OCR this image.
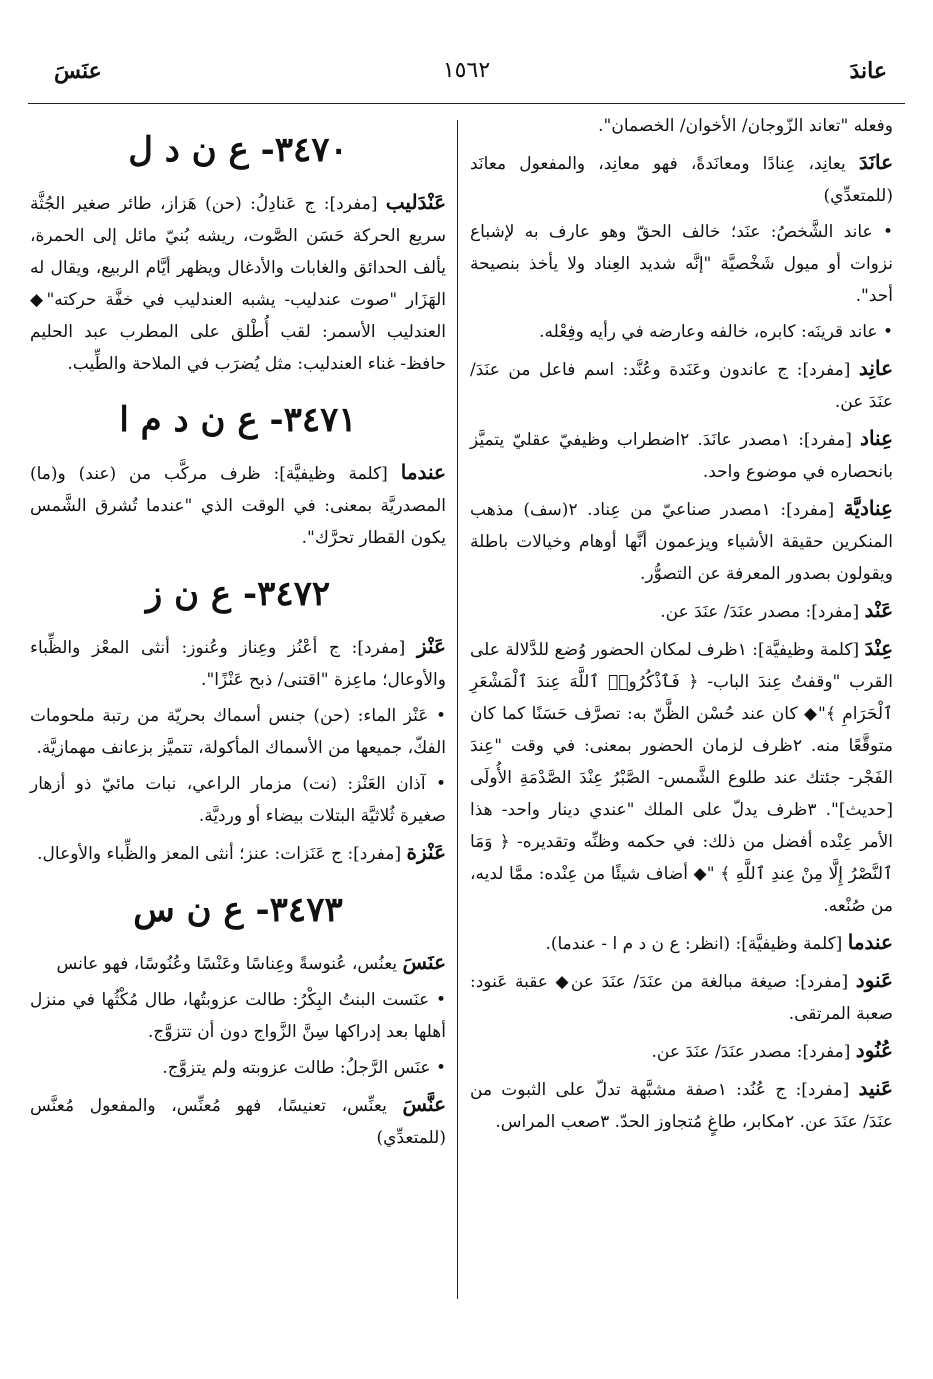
عاندَ
١٥٦٢
عنَسَ

وفعله "تعاند الزّوجان/ الأخوان/ الخصمان".

عانَدَ يعانِد، عِنادًا ومعانَدةً، فهو معانِد، والمفعول معانَد (للمتعدِّي)

• عاند الشَّخصُ: عنَد؛ خالف الحقّ وهو عارف به لإشباع نزوات أو ميول شَخْصيَّة "إنَّه شديد العِناد ولا يأخذ بنصيحة أحد".

• عاند قرينَه: كابره، خالفه وعارضه في رأيه وفِعْله.

عانِد [مفرد]: ج عاندون وعَنَدة وعُنَّد: اسم فاعل من عنَدَ/ عنَدَ عن.

عِناد [مفرد]: ١مصدر عانَدَ. ٢اضطراب وظيفيّ عقليّ يتميَّز بانحصاره في موضوع واحد.

عِناديَّة [مفرد]: ١مصدر صناعيّ من عِناد. ٢(سف) مذهب المنكرين حقيقة الأشياء ويزعمون أنَّها أوهام وخيالات باطلة ويقولون بصدور المعرفة عن التصوُّر.

عَنْد [مفرد]: مصدر عنَدَ/ عنَدَ عن.

عِنْدَ [كلمة وظيفيَّة]: ١ظرف لمكان الحضور وُضع للدَّلالة على القرب "وقفتُ عِندَ الباب- ﴿ فَٱذْكُرُوا۟ ٱللَّهَ عِندَ ٱلْمَشْعَرِ ٱلْحَرَامِ ﴾"◆ كان عند حُسْن الظَّنّ به: تصرَّف حَسَنًا كما كان متوقَّعًا منه. ٢ظرف لزمان الحضور بمعنى: في وقت "عِندَ الفَجْر- جئتك عند طلوع الشَّمس- الصَّبْرُ عِنْدَ الصَّدْمَةِ الأُولَى [حديث]". ٣ظرف يدلّ على الملك "عندي دينار واحد- هذا الأمر عِنْده أفضل من ذلك: في حكمه وظنِّه وتقديره- ﴿ وَمَا ٱلنَّصْرُ إِلَّا مِنْ عِندِ ٱللَّهِ ﴾ "◆ أضاف شيئًا من عِنْده: ممَّا لديه، من صُنْعه.

عندما [كلمة وظيفيَّة]: (انظر: ع ن د م ا - عندما).

عَنود [مفرد]: صيغة مبالغة من عنَدَ/ عنَدَ عن◆ عقبة عَنود: صعبة المرتقى.

عُنُود [مفرد]: مصدر عنَدَ/ عنَدَ عن.

عَنيد [مفرد]: ج عُنُد: ١صفة مشبَّهة تدلّ على الثبوت من عنَدَ/ عنَدَ عن. ٢مكابر، طاغٍ مُتجاوز الحدّ. ٣صعب المراس.

٣٤٧٠- ع ن د ل

عَنْدَليب [مفرد]: ج عَنادِلُ: (حن) هَزاز، طائر صغير الجُثَّة سريع الحركة حَسَن الصَّوت، ريشه بُنيّ مائل إلى الحمرة، يألف الحدائق والغابات والأدغال ويظهر أيَّام الربيع، ويقال له الهَزَار "صوت عندليب- يشبه العندليب في خفَّة حركته"◆ العندليب الأسمر: لقب أُطْلق على المطرب عبد الحليم حافظ- غناء العندليب: مثل يُضرَب في الملاحة والطِّيب.

٣٤٧١- ع ن د م ا

عندما [كلمة وظيفيَّة]: ظرف مركَّب من (عند) و(ما) المصدريَّة بمعنى: في الوقت الذي "عندما تُشرق الشَّمس يكون القطار تحرَّك".

٣٤٧٢- ع ن ز

عَنْز [مفرد]: ج أعْنُز وعِناز وعُنوز: أنثى المعْز والظِّباء والأوعال؛ ماعِزة "اقتنى/ ذبح عَنْزًا".

• عَنْز الماء: (حن) جنس أسماك بحريّة من رتبة ملحومات الفكّ، جميعها من الأسماك المأكولة، تتميَّز بزعانف مهمازيَّة.

• آذان العَنْز: (نت) مزمار الراعي، نبات مائيّ ذو أزهار صغيرة ثُلاثيَّة البتلات بيضاء أو ورديَّة.

عَنْزة [مفرد]: ج عَنَزات: عنز؛ أنثى المعز والظِّباء والأوعال.

٣٤٧٣- ع ن س

عنَسَ يعنُس، عُنوسةً وعِناسًا وعَنْسًا وعُنُوسًا، فهو عانس

• عنَست البنتُ البِكْرُ: طالت عزوبتُها، طال مُكْثُها في منزل أهلها بعد إدراكها سِنَّ الزَّواج دون أن تتزوَّج.

• عنَس الرَّجلُ: طالت عزوبته ولم يتزوَّج.

عنَّسَ يعنِّس، تعنيسًا، فهو مُعنِّس، والمفعول مُعنَّس (للمتعدِّي)
